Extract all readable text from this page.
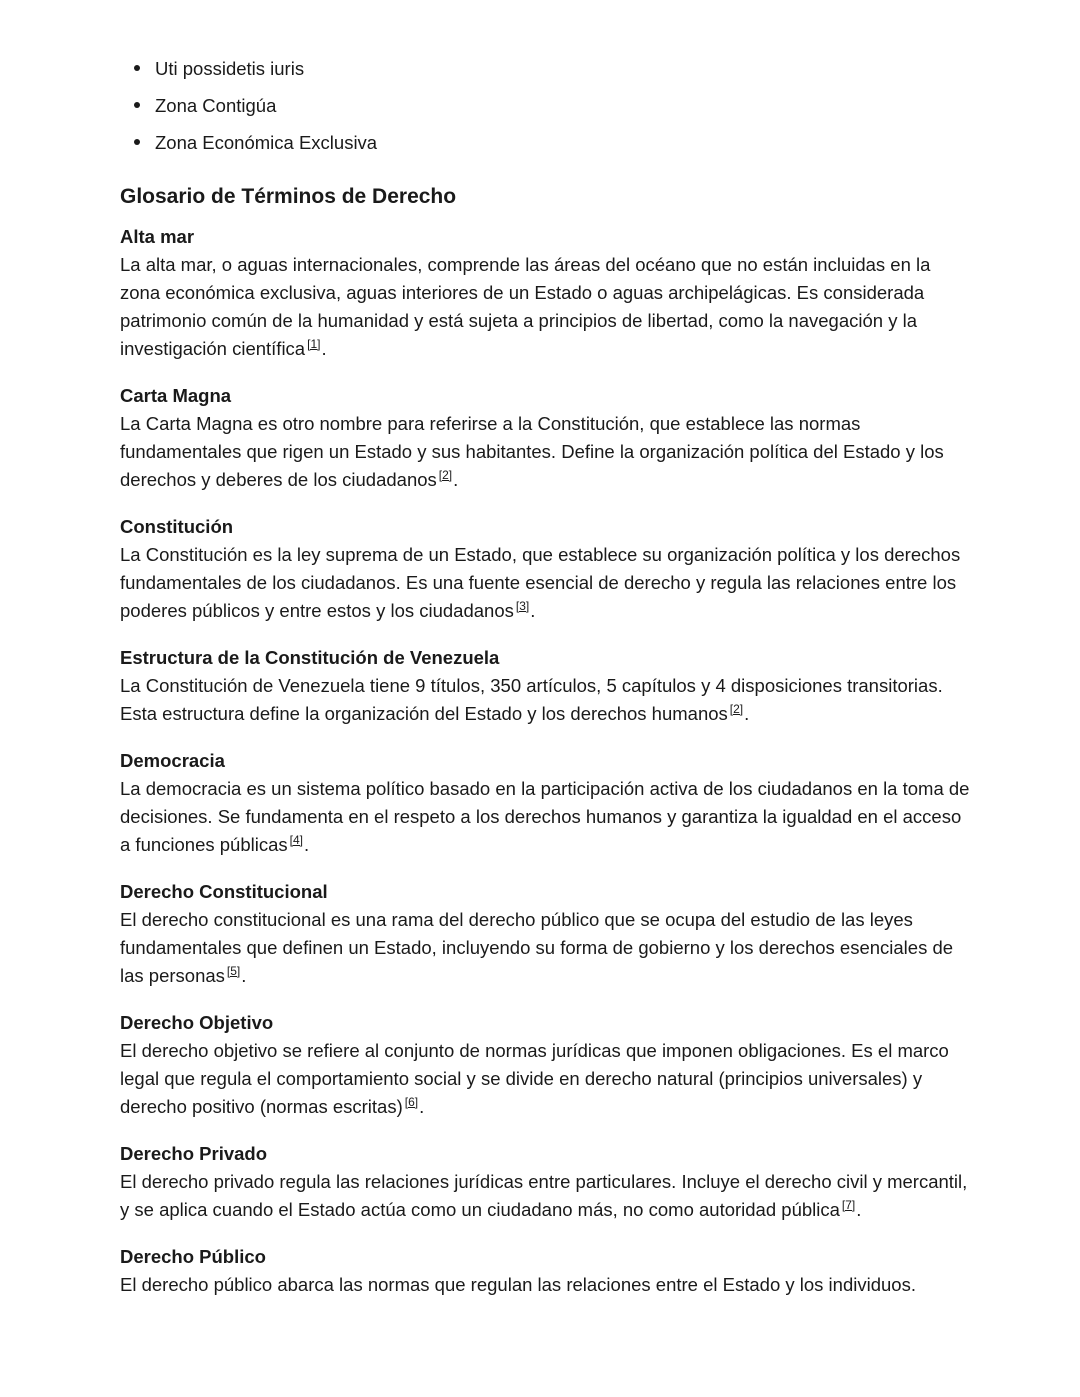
Uti possidetis iuris
Zona Contigúa
Zona Económica Exclusiva
Glosario de Términos de Derecho
Alta mar

La alta mar, o aguas internacionales, comprende las áreas del océano que no están incluidas en la zona económica exclusiva, aguas interiores de un Estado o aguas archipelágicas. Es considerada patrimonio común de la humanidad y está sujeta a principios de libertad, como la navegación y la investigación científica [1].

Carta Magna

La Carta Magna es otro nombre para referirse a la Constitución, que establece las normas fundamentales que rigen un Estado y sus habitantes. Define la organización política del Estado y los derechos y deberes de los ciudadanos [2].

Constitución

La Constitución es la ley suprema de un Estado, que establece su organización política y los derechos fundamentales de los ciudadanos. Es una fuente esencial de derecho y regula las relaciones entre los poderes públicos y entre estos y los ciudadanos [3].

Estructura de la Constitución de Venezuela

La Constitución de Venezuela tiene 9 títulos, 350 artículos, 5 capítulos y 4 disposiciones transitorias. Esta estructura define la organización del Estado y los derechos humanos [2].

Democracia

La democracia es un sistema político basado en la participación activa de los ciudadanos en la toma de decisiones. Se fundamenta en el respeto a los derechos humanos y garantiza la igualdad en el acceso a funciones públicas [4].

Derecho Constitucional

El derecho constitucional es una rama del derecho público que se ocupa del estudio de las leyes fundamentales que definen un Estado, incluyendo su forma de gobierno y los derechos esenciales de las personas [5].

Derecho Objetivo

El derecho objetivo se refiere al conjunto de normas jurídicas que imponen obligaciones. Es el marco legal que regula el comportamiento social y se divide en derecho natural (principios universales) y derecho positivo (normas escritas) [6].

Derecho Privado

El derecho privado regula las relaciones jurídicas entre particulares. Incluye el derecho civil y mercantil, y se aplica cuando el Estado actúa como un ciudadano más, no como autoridad pública [7].

Derecho Público

El derecho público abarca las normas que regulan las relaciones entre el Estado y los individuos.
